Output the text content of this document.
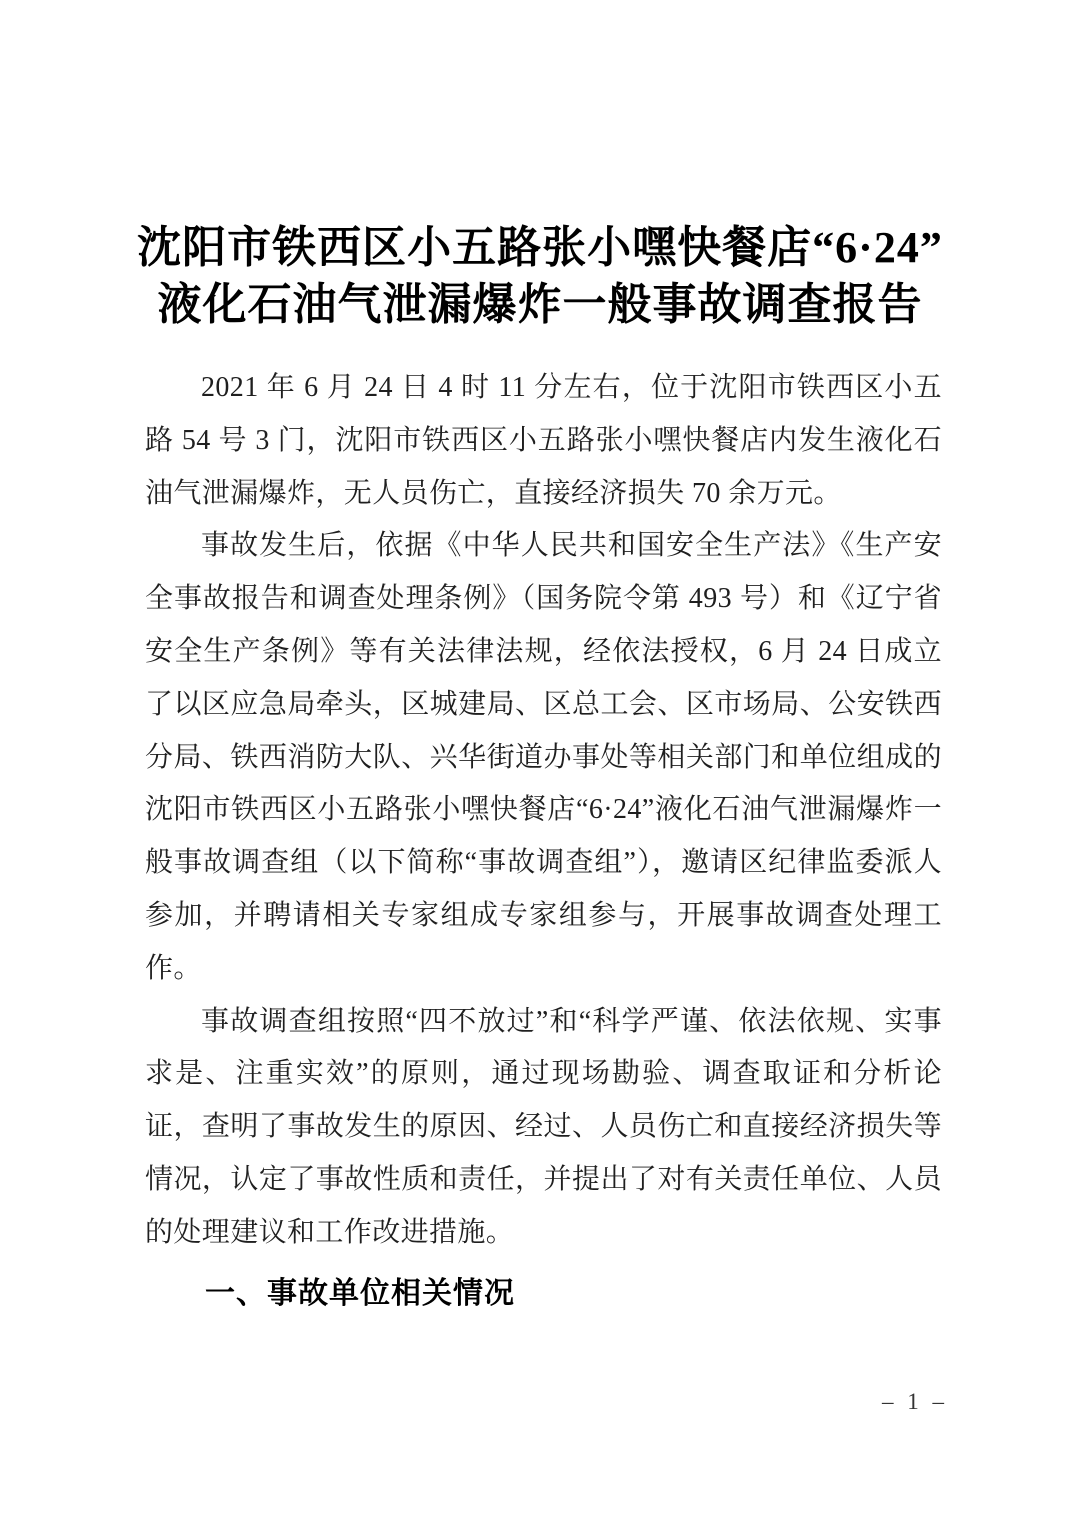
沈阳市铁西区小五路张小嘿快餐店“6·24”
液化石油气泄漏爆炸一般事故调查报告

2021 年 6 月 24 日 4 时 11 分左右，位于沈阳市铁西区小五路 54 号 3 门，沈阳市铁西区小五路张小嘿快餐店内发生液化石油气泄漏爆炸，无人员伤亡，直接经济损失 70 余万元。

事故发生后，依据《中华人民共和国安全生产法》《生产安全事故报告和调查处理条例》（国务院令第 493 号）和《辽宁省安全生产条例》等有关法律法规，经依法授权，6 月 24 日成立了以区应急局牵头，区城建局、区总工会、区市场局、公安铁西分局、铁西消防大队、兴华街道办事处等相关部门和单位组成的沈阳市铁西区小五路张小嘿快餐店“6·24”液化石油气泄漏爆炸一般事故调查组（以下简称“事故调查组”），邀请区纪律监委派人参加，并聘请相关专家组成专家组参与，开展事故调查处理工作。

事故调查组按照“四不放过”和“科学严谨、依法依规、实事求是、注重实效”的原则，通过现场勘验、调查取证和分析论证，查明了事故发生的原因、经过、人员伤亡和直接经济损失等情况，认定了事故性质和责任，并提出了对有关责任单位、人员的处理建议和工作改进措施。

一、事故单位相关情况
– 1 –
